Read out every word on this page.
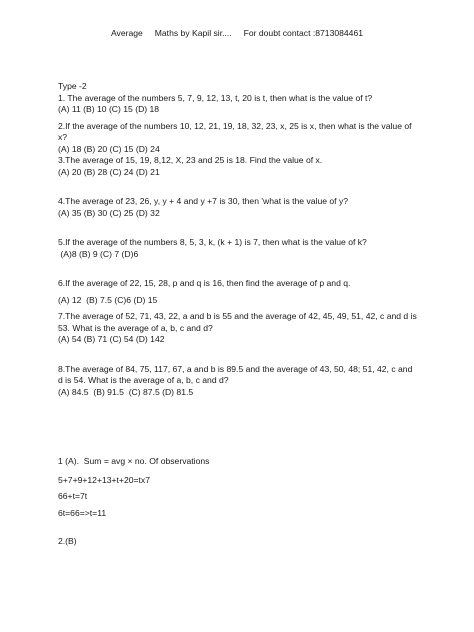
Average     Maths by Kapil sir....     For doubt contact :8713084461

Type -2

1. The average of the numbers 5, 7, 9, 12, 13, t, 20 is t, then what is the value of t?

(A) 11 (B) 10 (C) 15 (D) 18

2.If the average of the numbers 10, 12, 21, 19, 18, 32, 23, x, 25 is x, then what is the value of x?

(A) 18 (B) 20 (C) 15 (D) 24

3.The average of 15, 19, 8,12, X, 23 and 25 is 18. Find the value of x.

(A) 20 (B) 28 (C) 24 (D) 21

4.The average of 23, 26, y, y + 4 and y +7 is 30, then 'what is the value of y?

(A) 35 (B) 30 (C) 25 (D) 32

5.If the average of the numbers 8, 5, 3, k, (k + 1) is 7, then what is the value of k?

(A)8 (B) 9 (C) 7 (D)6

6.If the average of 22, 15, 28, p and q is 16, then find the average of p and q.

(A) 12  (B) 7.5 (C)6 (D) 15

7.The average of 52, 71, 43, 22, a and b is 55 and the average of 42, 45, 49, 51, 42, c and d is 53. What is the average of a, b, c and d?

(A) 54 (B) 71 (C) 54 (D) 142

8.The average of 84, 75, 117, 67, a and b is 89.5 and the average of 43, 50, 48; 51, 42, c and d is 54. What is the average of a, b, c and d?

(A) 84.5  (B) 91.5  (C) 87.5 (D) 81.5

1 (A).  Sum = avg × no. Of observations

5+7+9+12+13+t+20=tx7

66+t=7t

6t=66=>t=11

2.(B)
